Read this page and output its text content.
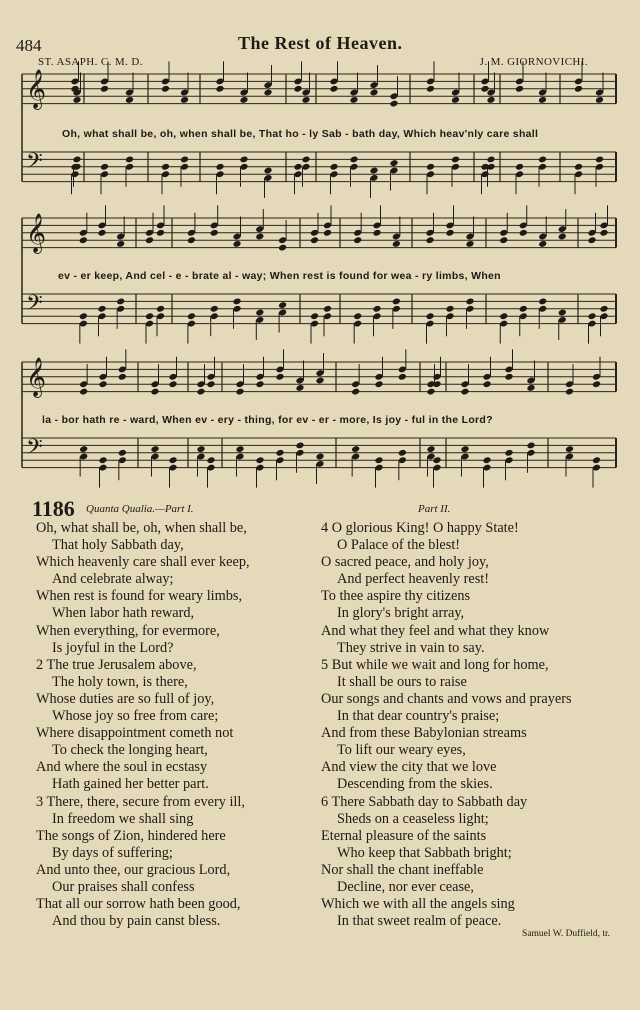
484	The Rest of Heaven.
ST. ASAPH. C. M. D.	J. M. GIORNOVICHI.
𝄞
𝄢
𝄞
𝄢
𝄞
𝄢
Oh, what shall be, oh, when shall be, That ho - ly Sab - bath day, Which heav'nly care shall
ev - er keep, And cel - e - brate al - way; When rest is found for wea - ry limbs, When
la - bor hath re - ward, When ev - ery - thing, for ev - er - more, Is joy - ful in the Lord?
1186 Quanta Qualia.—Part I.	Part II.
Oh, what shall be, oh, when shall be,
That holy Sabbath day,
Which heavenly care shall ever keep,
And celebrate alway;
When rest is found for weary limbs,
When labor hath reward,
When everything, for evermore,
Is joyful in the Lord?
2 The true Jerusalem above,
The holy town, is there,
Whose duties are so full of joy,
Whose joy so free from care;
Where disappointment cometh not
To check the longing heart,
And where the soul in ecstasy
Hath gained her better part.
3 There, there, secure from every ill,
In freedom we shall sing
The songs of Zion, hindered here
By days of suffering;
And unto thee, our gracious Lord,
Our praises shall confess
That all our sorrow hath been good,
And thou by pain canst bless.
4 O glorious King! O happy State!
O Palace of the blest!
O sacred peace, and holy joy,
And perfect heavenly rest!
To thee aspire thy citizens
In glory's bright array,
And what they feel and what they know
They strive in vain to say.
5 But while we wait and long for home,
It shall be ours to raise
Our songs and chants and vows and prayers
In that dear country's praise;
And from these Babylonian streams
To lift our weary eyes,
And view the city that we love
Descending from the skies.
6 There Sabbath day to Sabbath day
Sheds on a ceaseless light;
Eternal pleasure of the saints
Who keep that Sabbath bright;
Nor shall the chant ineffable
Decline, nor ever cease,
Which we with all the angels sing
In that sweet realm of peace.
Samuel W. Duffield, tr.
